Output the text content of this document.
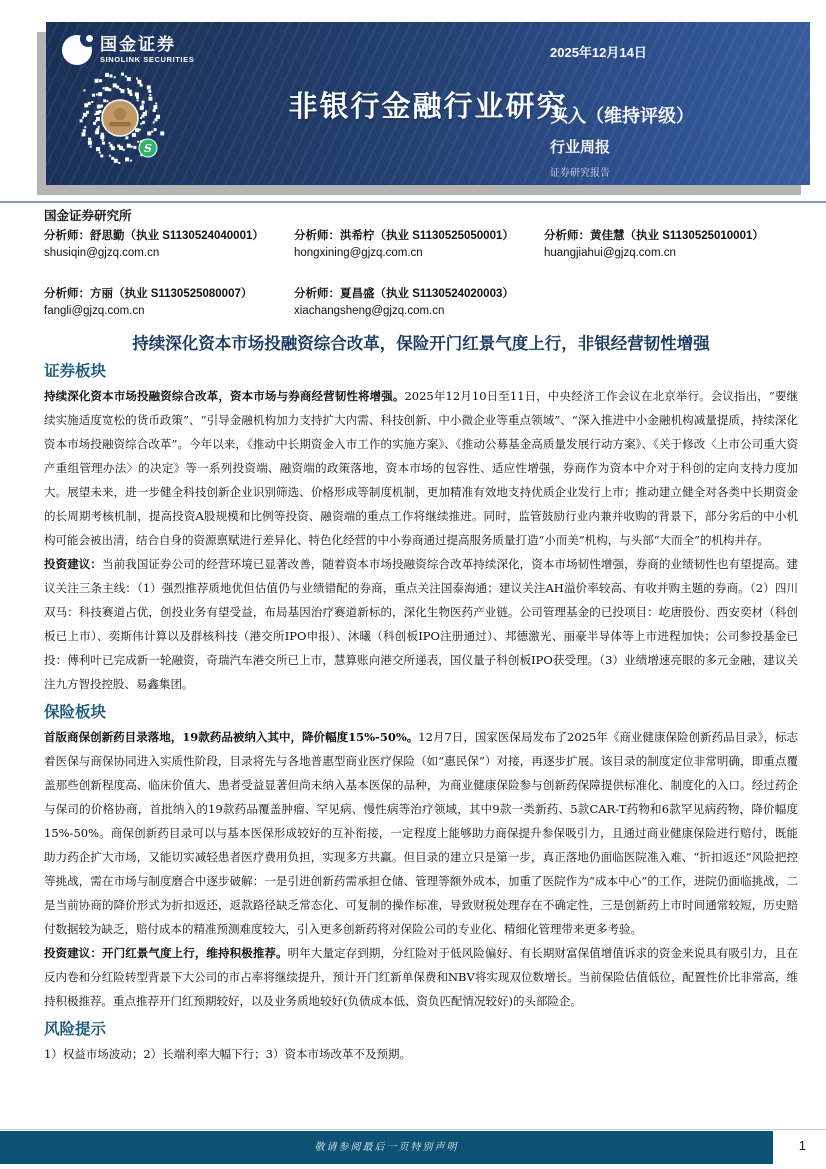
国金证券
SINOLINK SECURITIES
S
非银行金融行业研究
2025年12月14日
买入（维持评级）
行业周报
证券研究报告
国金证券研究所
分析师：舒思勤（执业 S1130524040001）
shusiqin@gjzq.com.cn
分析师：洪希柠（执业 S1130525050001）
hongxining@gjzq.com.cn
分析师：黄佳慧（执业 S1130525010001）
huangjiahui@gjzq.com.cn
分析师：方丽（执业 S1130525080007）
fangli@gjzq.com.cn
分析师：夏昌盛（执业 S1130524020003）
xiachangsheng@gjzq.com.cn
持续深化资本市场投融资综合改革，保险开门红景气度上行，非银经营韧性增强
证券板块
持续深化资本市场投融资综合改革，资本市场与券商经营韧性将增强。2025年12月10日至11日，中央经济工作会议在北京举行。会议指出，“要继续实施适度宽松的货币政策”、“引导金融机构加力支持扩大内需、科技创新、中小微企业等重点领域”、“深入推进中小金融机构减量提质，持续深化资本市场投融资综合改革”。今年以来，《推动中长期资金入市工作的实施方案》、《推动公募基金高质量发展行动方案》、《关于修改〈上市公司重大资产重组管理办法〉的决定》等一系列投资端、融资端的政策落地，资本市场的包容性、适应性增强，券商作为资本中介对于科创的定向支持力度加大。展望未来，进一步健全科技创新企业识别筛选、价格形成等制度机制，更加精准有效地支持优质企业发行上市；推动建立健全对各类中长期资金的长周期考核机制，提高投资A股规模和比例等投资、融资端的重点工作将继续推进。同时，监管鼓励行业内兼并收购的背景下，部分劣后的中小机构可能会被出清，结合自身的资源禀赋进行差异化、特色化经营的中小券商通过提高服务质量打造“小而美”机构，与头部“大而全”的机构并存。
投资建议：当前我国证券公司的经营环境已显著改善，随着资本市场投融资综合改革持续深化，资本市场韧性增强，券商的业绩韧性也有望提高。建议关注三条主线：（1）强烈推荐质地优但估值仍与业绩错配的券商，重点关注国泰海通；建议关注AH溢价率较高、有收并购主题的券商。（2）四川双马：科技赛道占优，创投业务有望受益，布局基因治疗赛道新标的，深化生物医药产业链。公司管理基金的已投项目：屹唐股份、西安奕材（科创板已上市）、奕斯伟计算以及群核科技（港交所IPO申报）、沐曦（科创板IPO注册通过）、邦德激光、丽豪半导体等上市进程加快；公司参投基金已投：傅利叶已完成新一轮融资，奇瑞汽车港交所已上市，慧算账向港交所递表，国仪量子科创板IPO获受理。（3）业绩增速亮眼的多元金融，建议关注九方智投控股、易鑫集团。
保险板块
首版商保创新药目录落地，19款药品被纳入其中，降价幅度15%-50%。12月7日，国家医保局发布了2025年《商业健康保险创新药品目录》，标志着医保与商保协同进入实质性阶段，目录将先与各地普惠型商业医疗保险（如“惠民保”）对接，再逐步扩展。该目录的制度定位非常明确，即重点覆盖那些创新程度高、临床价值大、患者受益显著但尚未纳入基本医保的品种，为商业健康保险参与创新药保障提供标准化、制度化的入口。经过药企与保司的价格协商，首批纳入的19款药品覆盖肿瘤、罕见病、慢性病等治疗领域，其中9款一类新药、5款CAR-T药物和6款罕见病药物，降价幅度15%-50%。商保创新药目录可以与基本医保形成较好的互补衔接，一定程度上能够助力商保提升参保吸引力，且通过商业健康保险进行赔付，既能助力药企扩大市场，又能切实减轻患者医疗费用负担，实现多方共赢。但目录的建立只是第一步，真正落地仍面临医院准入难、“折扣返还”风险把控等挑战，需在市场与制度磨合中逐步破解：一是引进创新药需承担仓储、管理等额外成本，加重了医院作为“成本中心”的工作，进院仍面临挑战，二是当前协商的降价形式为折扣返还，返款路径缺乏常态化、可复制的操作标准，导致财税处理存在不确定性，三是创新药上市时间通常较短，历史赔付数据较为缺乏，赔付成本的精准预测难度较大，引入更多创新药将对保险公司的专业化、精细化管理带来更多考验。
投资建议：开门红景气度上行，维持积极推荐。明年大量定存到期，分红险对于低风险偏好、有长期财富保值增值诉求的资金来说具有吸引力，且在反内卷和分红险转型背景下大公司的市占率将继续提升，预计开门红新单保费和NBV将实现双位数增长。当前保险估值低位，配置性价比非常高，维持积极推荐。重点推荐开门红预期较好，以及业务质地较好(负债成本低、资负匹配情况较好)的头部险企。
风险提示
1）权益市场波动；2）长端利率大幅下行；3）资本市场改革不及预期。
敬请参阅最后一页特别声明	1
